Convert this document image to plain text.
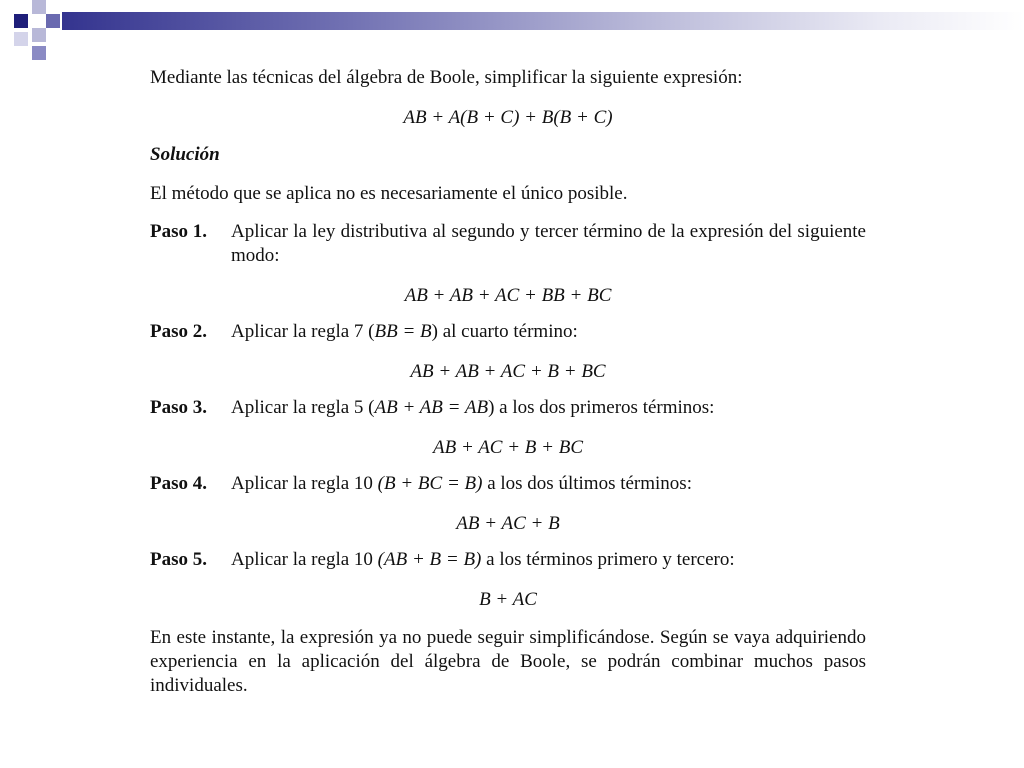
Mediante las técnicas del álgebra de Boole, simplificar la siguiente expresión:

AB + A(B + C) + B(B + C)

Solución

El método que se aplica no es necesariamente el único posible.

Paso 1.	Aplicar la ley distributiva al segundo y tercer término de la expresión del siguiente modo:

AB + AB + AC + BB + BC

Paso 2.	Aplicar la regla 7 (BB = B) al cuarto término:

AB + AB + AC + B + BC

Paso 3.	Aplicar la regla 5 (AB + AB = AB) a los dos primeros términos:

AB + AC + B + BC

Paso 4.	Aplicar la regla 10 (B + BC = B) a los dos últimos términos:

AB + AC + B

Paso 5.	Aplicar la regla 10 (AB + B = B) a los términos primero y tercero:

B + AC

En este instante, la expresión ya no puede seguir simplificándose. Según se vaya adquiriendo experiencia en la aplicación del álgebra de Boole, se podrán combinar muchos pasos individuales.
